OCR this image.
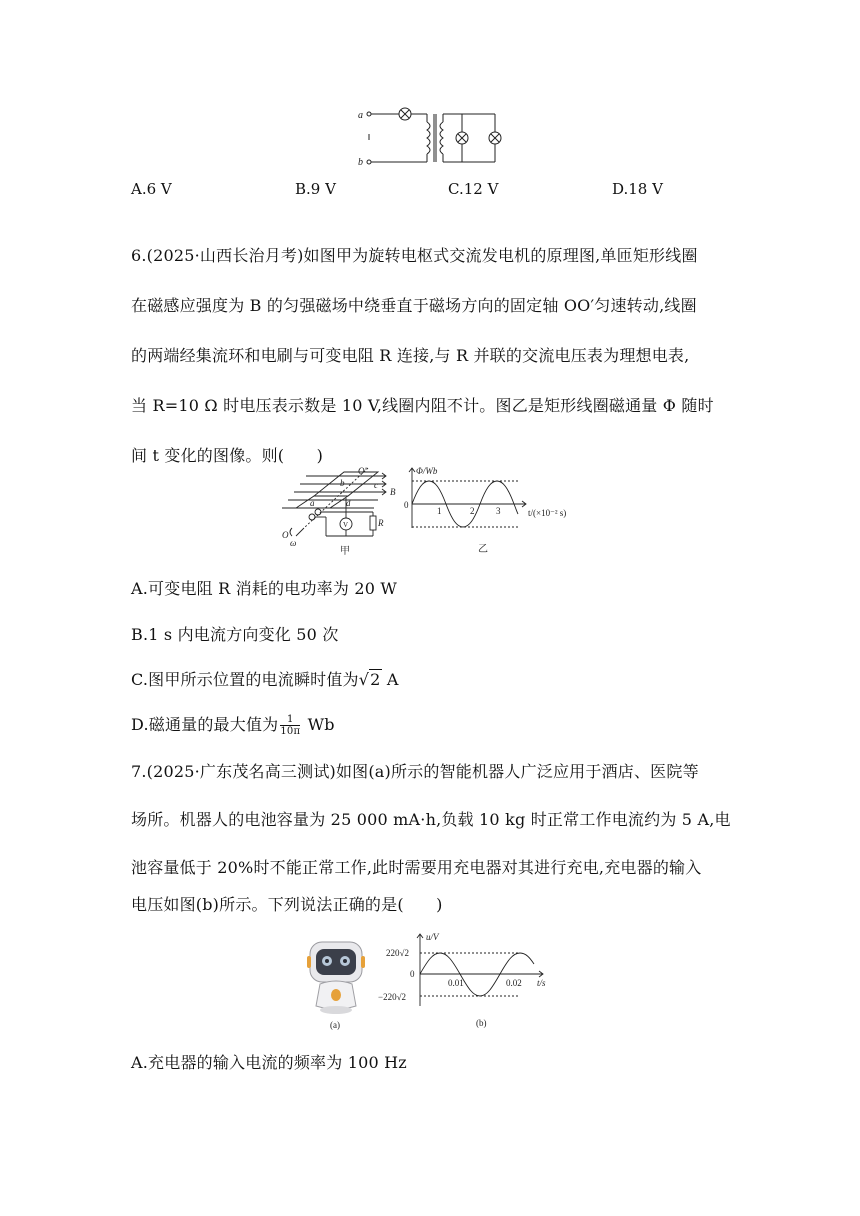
a
b
A.6 V	B.9 V	C.12 V	D.18 V
6.(2025·山西长治月考)如图甲为旋转电枢式交流发电机的原理图,单匝矩形线圈
在磁感应强度为 B 的匀强磁场中绕垂直于磁场方向的固定轴 OO′匀速转动,线圈
的两端经集流环和电刷与可变电阻 R 连接,与 R 并联的交流电压表为理想电表,
当 R=10 Ω 时电压表示数是 10 V,线圈内阻不计。图乙是矩形线圈磁通量 Φ 随时
间 t 变化的图像。则(　　)
O′
b	c
B
a	d
O
ω
V	R
甲
Φ/Wb
0
1	2 3	t/(×10⁻² s)
乙
A.可变电阻 R 消耗的电功率为 20 W
B.1 s 内电流方向变化 50 次
C.图甲所示位置的电流瞬时值为√2 A
D.磁通量的最大值为 $\frac{1}{10\pi}$ Wb
7.(2025·广东茂名高三测试)如图(a)所示的智能机器人广泛应用于酒店、医院等
场所。机器人的电池容量为 25 000 mA·h,负载 10 kg 时正常工作电流约为 5 A,电
池容量低于 20%时不能正常工作,此时需要用充电器对其进行充电,充电器的输入
电压如图(b)所示。下列说法正确的是(　　)
(a)
u/V
220√2
0
0.01	0.02 t/s
−220√2
(b)
A.充电器的输入电流的频率为 100 Hz
